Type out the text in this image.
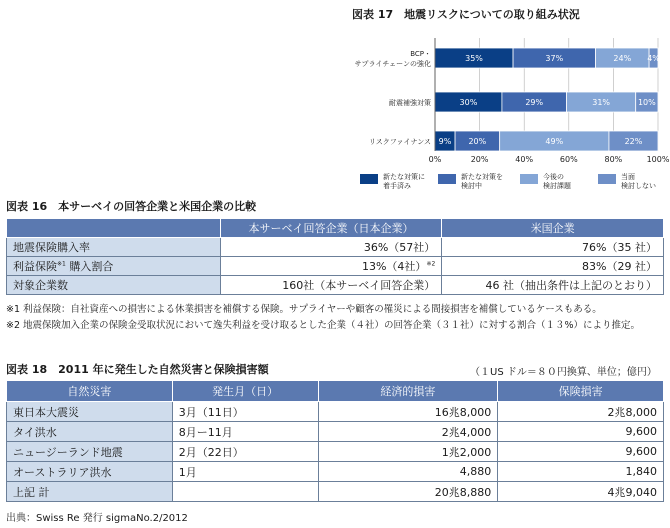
図表 17　地震リスクについての取り組み状況
0%	20%	40%	60%	80%	100%
BCP・
サプライチェーンの強化
耐震補強対策
リスクファイナンス
35%	37%	24% 4%
30%	29%	31%	10%
9% 20%	49%	22%
新たな対策に
着手済み
新たな対策を
検討中
今後の
検討課題
当面
検討しない
図表 16　本サーベイの回答企業と米国企業の比較
	本サーベイ回答企業（日本企業）	米国企業
地震保険購入率	36%（57社）	76%（35 社）
利益保険$^{※1}$ 購入割合	13%（4社）$^{※2}$	83%（29 社）
対象企業数	160社（本サーベイ回答企業）	46 社（抽出条件は上記のとおり）
※1 利益保険：自社資産への損害による休業損害を補償する保険。サプライヤーや顧客の罹災による間接損害を補償しているケースもある。
※2 地震保険加入企業の保険金受取状況において逸失利益を受け取るとした企業（４社）の回答企業（３１社）に対する割合（１３%）により推定。
図表 18　2011 年に発生した自然災害と保険損害額	（１US ドル＝８０円換算、単位；億円）
自然災害	発生月（日）	経済的損害	保険損害
東日本大震災	3月（11日）	16兆8,000	2兆8,000
タイ洪水	8月ー11月	2兆4,000	9,600
ニュージーランド地震	2月（22日）	1兆2,000	9,600
オーストラリア洪水	1月	4,880	1,840
上記 計		20兆8,880	4兆9,040
出典：Swiss Re 発行 sigmaNo.2/2012
